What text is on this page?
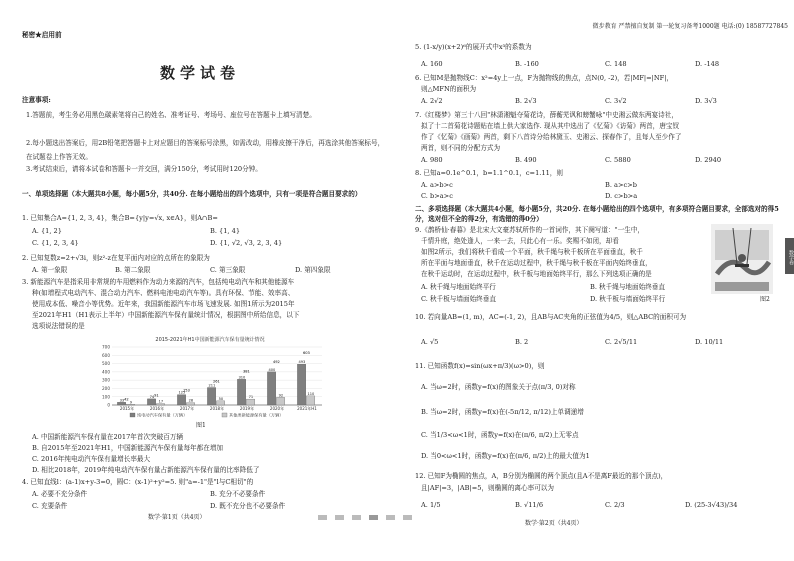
秘密★启用前
数学试卷
注意事项:
1.答题前，考生务必用黑色碳素笔将自己的姓名、准考证号、考场号、座位号在答题卡上填写清楚。
2.每小题选出答案后，用2B铅笔把答题卡上对应题目的答案标号涂黑，如需改动，用橡皮擦干净后，再选涂其他答案标号，在试题卷上作答无效。
3.考试结束后，请将本试卷和答题卡一并交回，满分150分，考试用时120分钟。
一、单项选择题（本大题共8小题，每小题5分，共40分. 在每小题给出的四个选项中，只有一项是符合题目要求的）
1. 已知集合A={1, 2, 3, 4}，集合B={y|y=√x, x∈A}，则A∩B=
A. {1, 2}	B. {1, 4}
C. {1, 2, 3, 4}	D. {1, √2, √3, 2, 3, 4}
2. 已知复数z=2+√3i，则z²-z在复平面内对应的点所在的象限为
A. 第一象限	B. 第二象限	C. 第三象限	D. 第四象限
3. 新能源汽车是指采用非常规的车用燃料作为动力来源的汽车，包括纯电动汽车和其他能源车
种(如增程式电动汽车、混合动力汽车、燃料电池电动汽车等)。具有环保、节能、效率高、
使用成本低、噪音小等优势。近年来，我国新能源汽车市场飞速发展. 如图1所示为2015年
至2021年H1（H1表示上半年）中国新能源汽车保有量统计情况，根据图中所给信息，以下
选项说法错误的是
2015-2021年H1中国新能源汽车保有量统计情况
0
100
200
300
400
500
600
700
33 9
42
2015年
74
17
91
2016年
125
28
153
2017年
211
50
261
2018年
310
71
381
2019年
400
92
492
2020年
493
110
603
2021年H1
纯电动汽车保有量（万辆）	其他类新能源保有量（万辆）
图1
A. 中国新能源汽车保有量在2017年首次突破百万辆
B. 自2015年至2021年H1，中国新能源汽车保有量每年都在增加
C. 2016年纯电动汽车保有量增长率最大
D. 相比2018年，2019年纯电动汽车保有量占新能源汽车保有量的比率降低了
4. 已知直线l：(a-1)x+y-3=0，圆C：(x-1)²+y²=5. 则"a=-1"是"l与C相切"的
A. 必要不充分条件	B. 充分不必要条件
C. 充要条件	D. 既不充分也不必要条件
数学·第1页（共4页）
微步教育 严禁擅自复制 第一轮复习备考1000题 电话:(0) 18587727845
5. (1-x/y)(x+2)⁶的展开式中x³的系数为
A. 160	B. -160	C. 148	D. -148
6. 已知M是抛物线C：x²=4y上一点，F为抛物线的焦点，点N(0, -2)，若|MF|=|NF|，
则△MFN的面积为
A. 2√2	B. 2√3	C. 3√2	D. 3√3
7.《红楼梦》第三十八回"林潇湘魁夺菊花诗，薛蘅芜讽和螃蟹咏"中史湘云做东两宴诗社，
拟了十二首菊花诗题贴在墙上供大家选作. 现从其中选出了《忆菊》《访菊》两首，唐宝钗
作了《忆菊》《画菊》两首，剩下八首诗分给林黛玉、史湘云、探春作了，且每人至少作了
两首，则不同的分配方式为
A. 980	B. 490	C. 5880	D. 2940
8. 已知a=0.1e^0.1，b=1.1^0.1，c=1.11，则
A. a>b>c	B. a>c>b
C. b>a>c	D. c>b>a
二、多项选择题（本大题共4小题，每小题5分，共20分. 在每小题给出的四个选项中，有多项符合题目要求，全部选对的得5分，选对但不全的得2分，有选错的得0分）
9.《鹊桥仙·春暮》是北宋大文豪苏轼所作的一首词作，其下阕写道："一生中，
千情升庭，绝处逢人，一来一去，只此心有一乐。奖赐不如闭，却看
如图2所示，我们将秋千看成一个平面，秋千绳与秋千板所在平面垂直，秋千
所在平面与地面垂直，秋千在运动过程中，秋千绳与秋千板在平面内始终垂直，
在秋千运动时，在运动过程中，秋千板与地面始终平行，那么下列选项正确的是
图2
A. 秋千绳与地面始终平行	B. 秋千绳与地面始终垂直
C. 秋千板与墙面始终垂直	D. 秋千板与墙面始终平行
10. 若向量AB=(1, m)，AC=(-1, 2)，且AB与AC夹角的正弦值为4/5，则△ABC的面积可为
A. √5	B. 2	C. 2√5/11	D. 10/11
11. 已知函数f(x)=sin(ωx+π/3)(ω>0)，则
A. 当ω=2时，函数y=f(x)的图象关于点(π/3, 0)对称
B. 当ω=2时，函数y=f(x)在(-5π/12, π/12)上单调递增
C. 当1/3<ω<1时，函数y=f(x)在(π/6, π/2)上无零点
D. 当0<ω<1时，函数y=f(x)在(π/6, π/2)上的最大值为1
12. 已知F为椭圆的焦点，A，B分别为椭圆的两个顶点(且A不是离F最近的那个顶点)，
且|AF|=3，|AB|=5，则椭圆的离心率可以为
A. 1/5	B. √11/6	C. 2/3	D. (25-3√43)/34
数学·第2页（共4页）
数学卷
